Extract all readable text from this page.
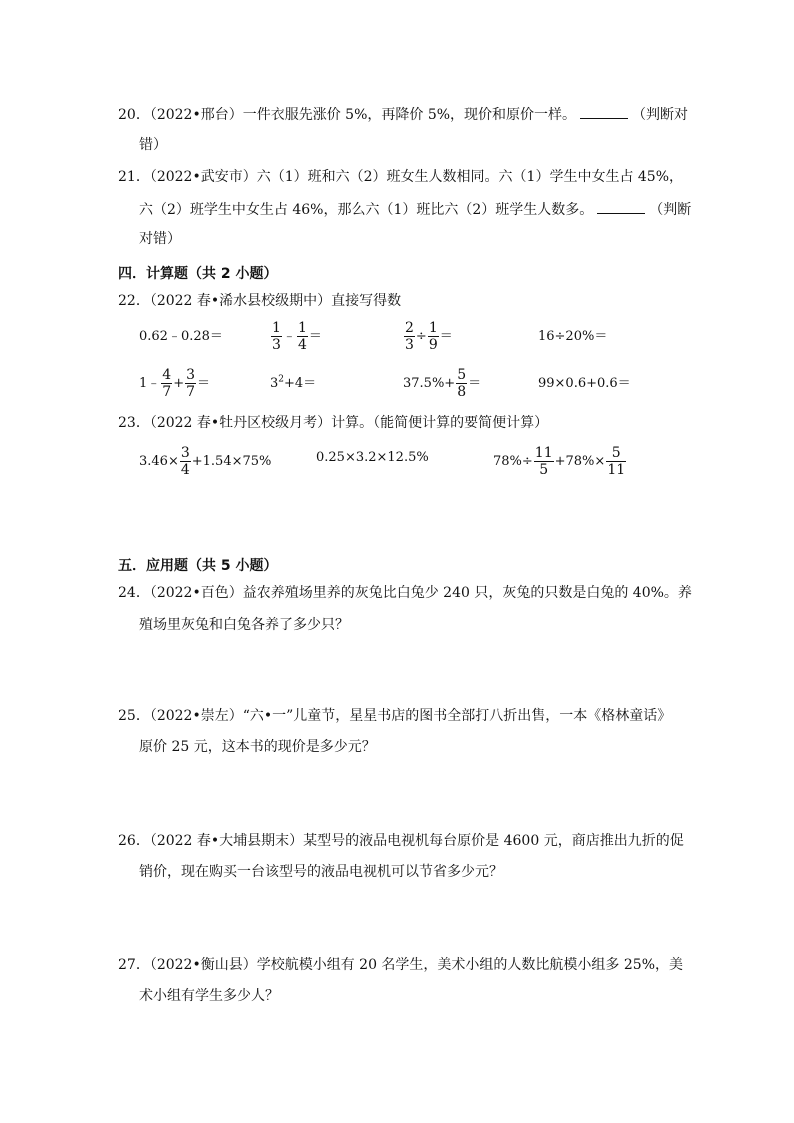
20．（2022•邢台）一件衣服先涨价 5%，再降价 5%，现价和原价一样。	（判断对
错）
21．（2022•武安市）六（1）班和六（2）班女生人数相同。六（1）学生中女生占 45%，
六（2）班学生中女生占 46%，那么六（1）班比六（2）班学生人数多。	（判断
对错）
四．计算题（共 2 小题）
22．（2022 春•浠水县校级期中）直接写得数
0.62﹣0.28＝	$\frac{1}{3}$ ﹣ $\frac{1}{4}$ ＝	$\frac{2}{3} \div \frac{1}{9}$ ＝	16÷20%＝
1﹣ $\frac{4}{7} + \frac{3}{7}$ ＝	$3^2+4=$	$37.5\%+ \frac{5}{8}$ ＝	99×0.6+0.6＝
23．（2022 春•牡丹区校级月考）计算。（能简便计算的要简便计算）
$3.46\times \frac{3}{4} +1.54\times 75\%$	0.25×3.2×12.5%	$78\%\div \frac{11}{5} +78\%\times \frac{5}{11}$
五．应用题（共 5 小题）
24．（2022•百色）益农养殖场里养的灰兔比白兔少 240 只，灰兔的只数是白兔的 40%。养
殖场里灰兔和白兔各养了多少只？
25．（2022•崇左）“六•一”儿童节，星星书店的图书全部打八折出售，一本《格林童话》
原价 25 元，这本书的现价是多少元？
26．（2022 春•大埔县期末）某型号的液品电视机每台原价是 4600 元，商店推出九折的促
销价，现在购买一台该型号的液品电视机可以节省多少元？
27．（2022•衡山县）学校航模小组有 20 名学生，美术小组的人数比航模小组多 25%，美
术小组有学生多少人？
